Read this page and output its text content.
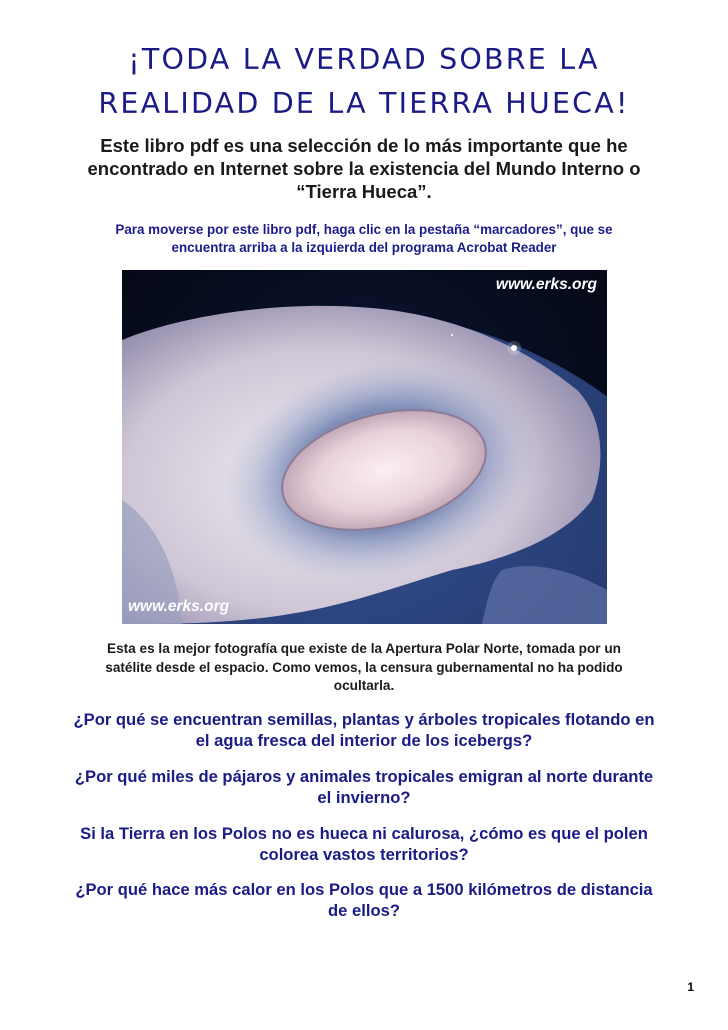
¡TODA LA VERDAD SOBRE LA
REALIDAD DE LA TIERRA HUECA!
Este libro pdf es una selección de lo más importante que he
encontrado en Internet sobre la existencia del Mundo Interno o
“Tierra Hueca”.
Para moverse por este libro pdf, haga clic en la pestaña “marcadores”, que se
encuentra arriba a la izquierda del programa Acrobat Reader
www.erks.org
www.erks.org
Esta es la mejor fotografía que existe de la Apertura Polar Norte, tomada por un
satélite desde el espacio. Como vemos, la censura gubernamental no ha podido
ocultarla.
¿Por qué se encuentran semillas, plantas y árboles tropicales flotando en
el agua fresca del interior de los icebergs?
¿Por qué miles de pájaros y animales tropicales emigran al norte durante
el invierno?
Si la Tierra en los Polos no es hueca ni calurosa, ¿cómo es que el polen
colorea vastos territorios?
¿Por qué hace más calor en los Polos que a 1500 kilómetros de distancia
de ellos?
1
